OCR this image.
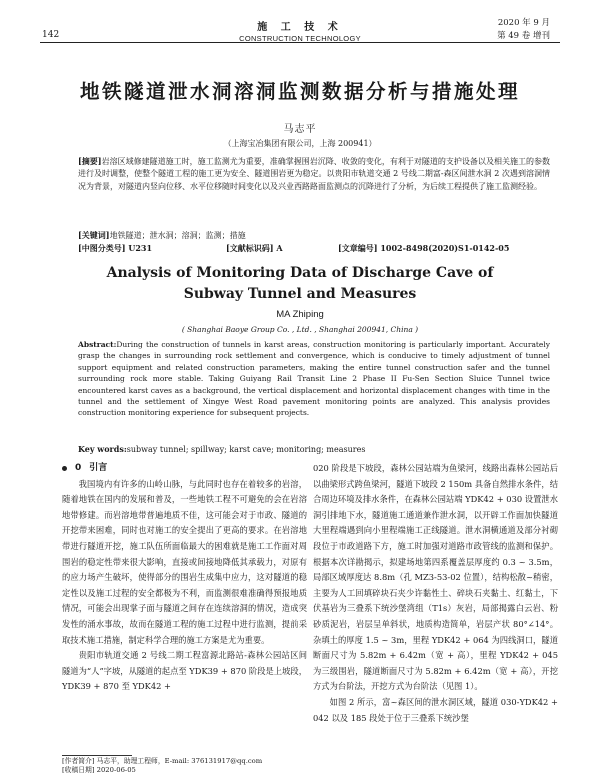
142
施 工 技 术
CONSTRUCTION TECHNOLOGY
2020 年 9 月
第 49 卷 增刊
地铁隧道泄水洞溶洞监测数据分析与措施处理
马志平
（上海宝冶集团有限公司，上海 200941）
[摘要]岩溶区域修建隧道施工时，施工监测尤为重要，准确掌握围岩沉降、收敛的变化，有利于对隧道的支护设备以及相关施工的参数进行及时调整，使整个隧道工程的施工更为安全、隧道围岩更为稳定。以贵阳市轨道交通 2 号线二期富-森区间泄水洞 2 次遇到溶洞情况为背景，对隧道内竖向位移、水平位移随时间变化以及兴业西路路面监测点的沉降进行了分析，为后续工程提供了施工监测经验。
[关键词]地铁隧道；泄水洞；溶洞；监测；措施
[中图分类号] U231	[文献标识码] A	[文章编号] 1002-8498(2020)S1-0142-05
Analysis of Monitoring Data of Discharge Cave of
Subway Tunnel and Measures
MA Zhiping
( Shanghai Baoye Group Co. , Ltd. , Shanghai 200941, China )
Abstract:During the construction of tunnels in karst areas, construction monitoring is particularly important. Accurately grasp the changes in surrounding rock settlement and convergence, which is conducive to timely adjustment of tunnel support equipment and related construction parameters, making the entire tunnel construction safer and the tunnel surrounding rock more stable. Taking Guiyang Rail Transit Line 2 Phase II Fu-Sen Section Sluice Tunnel twice encountered karst caves as a background, the vertical displacement and horizontal displacement changes with time in the tunnel and the settlement of Xingye West Road pavement monitoring points are analyzed. This analysis provides construction monitoring experience for subsequent projects.
Key words:subway tunnel; spillway; karst cave; monitoring; measures
0 引言

我国境内有许多的山岭山脉，与此同时也存在着较多的岩溶，随着地铁在国内的发展和普及，一些地铁工程不可避免的会在岩溶地带修建。而岩溶地带普遍地质不佳，这可能会对于市政、隧道的开挖带来困难，同时也对施工的安全提出了更高的要求。在岩溶地带进行隧道开挖，施工队伍所面临最大的困难就是施工工作面对周围岩的稳定性带来很大影响，直接或间接地降低其承载力，对原有的应力场产生破坏，使得部分的围岩生成集中应力，这对隧道的稳定性以及施工过程的安全都极为不利，而监测很难准确得预报地质情况，可能会出现掌子面与隧道之间存在连续溶洞的情况，造成突发性的涌水事故，故而在隧道工程的施工过程中进行监测，提前采取技术施工措施，制定科学合理的施工方案是尤为重要。

贵阳市轨道交通 2 号线二期工程富源北路站-森林公园站区间隧道为“人”字坡，从隧道的起点至 YDK39 + 870 阶段是上坡段，YDK39 + 870 至 YDK42 +

020 阶段是下坡段，森林公园站端为鱼梁河，线路出森林公园站后以曲梁形式跨鱼梁河，隧道下坡段 2 150m 具备自然排水条件，结合周边环境及排水条件，在森林公园站端 YDK42 + 030 设置泄水洞引排地下水，隧道施工通道兼作泄水洞，以开辟工作面加快隧道大里程端遇到向小里程端施工正线隧道。泄水洞横通道及部分衬砌段位于市政道路下方，施工时加强对道路市政管线的监测和保护。根据本次详勘揭示，拟建场地第四系覆盖层厚度约 0.3 ~ 3.5m，局部区域厚度达 8.8m（孔 MZ3-53-02 位置），结构松散~稍密，主要为人工回填碎块石夹少许黏性土、碎块石夹黏土、红黏土，下伏基岩为三叠系下统沙堡湾组（T1s）灰岩，局部揭露白云岩、粉砂质泥岩，岩层呈单斜状，地质构造简单，岩层产状 80°∠14°。杂填土的厚度 1.5 ~ 3m，里程 YDK42 + 064 为四线洞口，隧道断面尺寸为 5.82m + 6.42m（宽 + 高），里程 YDK42 + 045 为三级围岩，隧道断面尺寸为 5.82m + 6.42m（宽 + 高），开挖方式为台阶法，开挖方式为台阶法（见图 1）。

如图 2 所示，富~森区间的泄水洞区域，隧道 030-YDK42 + 042 以及 185 段处于位于三叠系下统沙堡

[作者简介] 马志平，助理工程师，E-mail: 376131917@qq.com
[收稿日期] 2020-06-05
